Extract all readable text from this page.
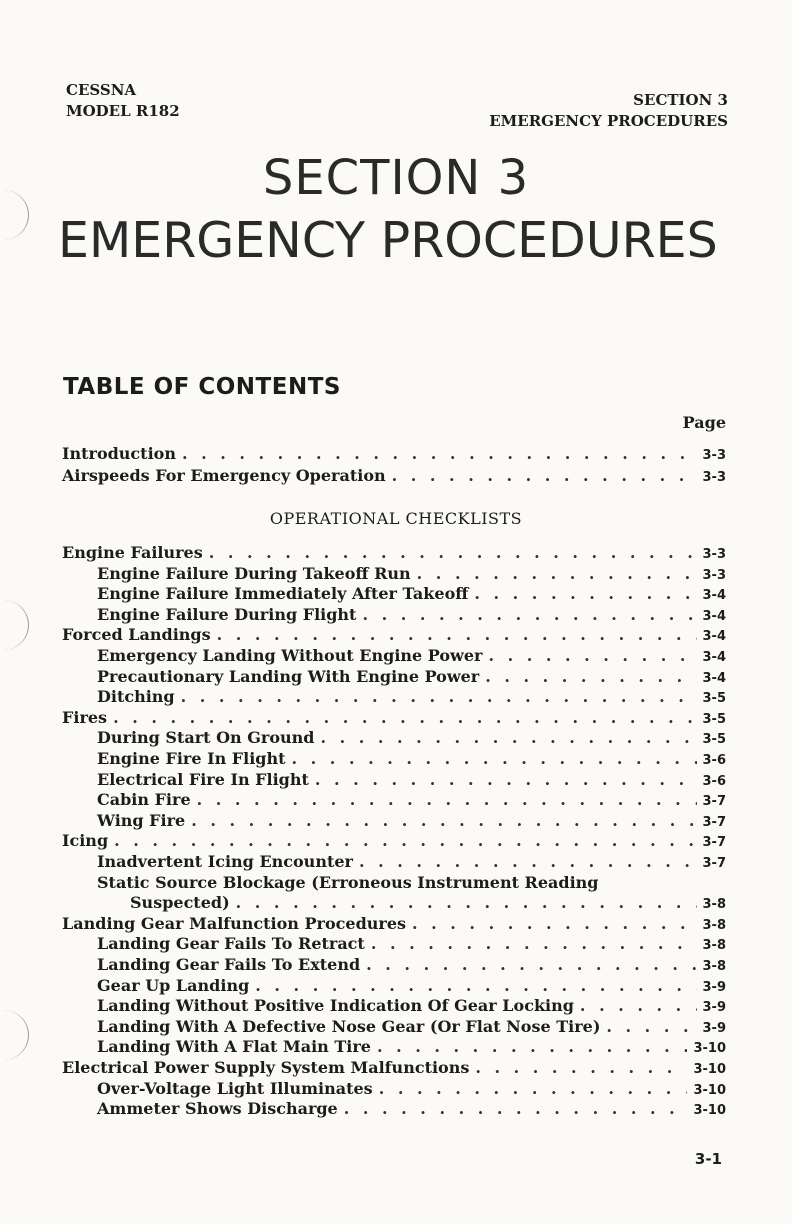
CESSNA
MODEL R182
SECTION 3
EMERGENCY PROCEDURES
SECTION 3
EMERGENCY PROCEDURES
TABLE OF CONTENTS
Page
Introduction . . .	3-3
Airspeeds For Emergency Operation . . .	3-3
OPERATIONAL CHECKLISTS
Engine Failures . . .	3-3
Engine Failure During Takeoff Run . . .	3-3
Engine Failure Immediately After Takeoff . . .	3-4
Engine Failure During Flight . . .	3-4
Forced Landings . . .	3-4
Emergency Landing Without Engine Power . . .	3-4
Precautionary Landing With Engine Power . . .	3-4
Ditching . . .	3-5
Fires . . .	3-5
During Start On Ground . . .	3-5
Engine Fire In Flight . . .	3-6
Electrical Fire In Flight . . .	3-6
Cabin Fire . . .	3-7
Wing Fire . . .	3-7
Icing . . .	3-7
Inadvertent Icing Encounter . . .	3-7
Static Source Blockage (Erroneous Instrument Reading
Suspected) . . .	3-8
Landing Gear Malfunction Procedures . . .	3-8
Landing Gear Fails To Retract . . .	3-8
Landing Gear Fails To Extend . . .	3-8
Gear Up Landing . . .	3-9
Landing Without Positive Indication Of Gear Locking . . .	3-9
Landing With A Defective Nose Gear (Or Flat Nose Tire) . . .	3-9
Landing With A Flat Main Tire . . .	3-10
Electrical Power Supply System Malfunctions . . .	3-10
Over-Voltage Light Illuminates . . .	3-10
Ammeter Shows Discharge . . .	3-10
3-1
